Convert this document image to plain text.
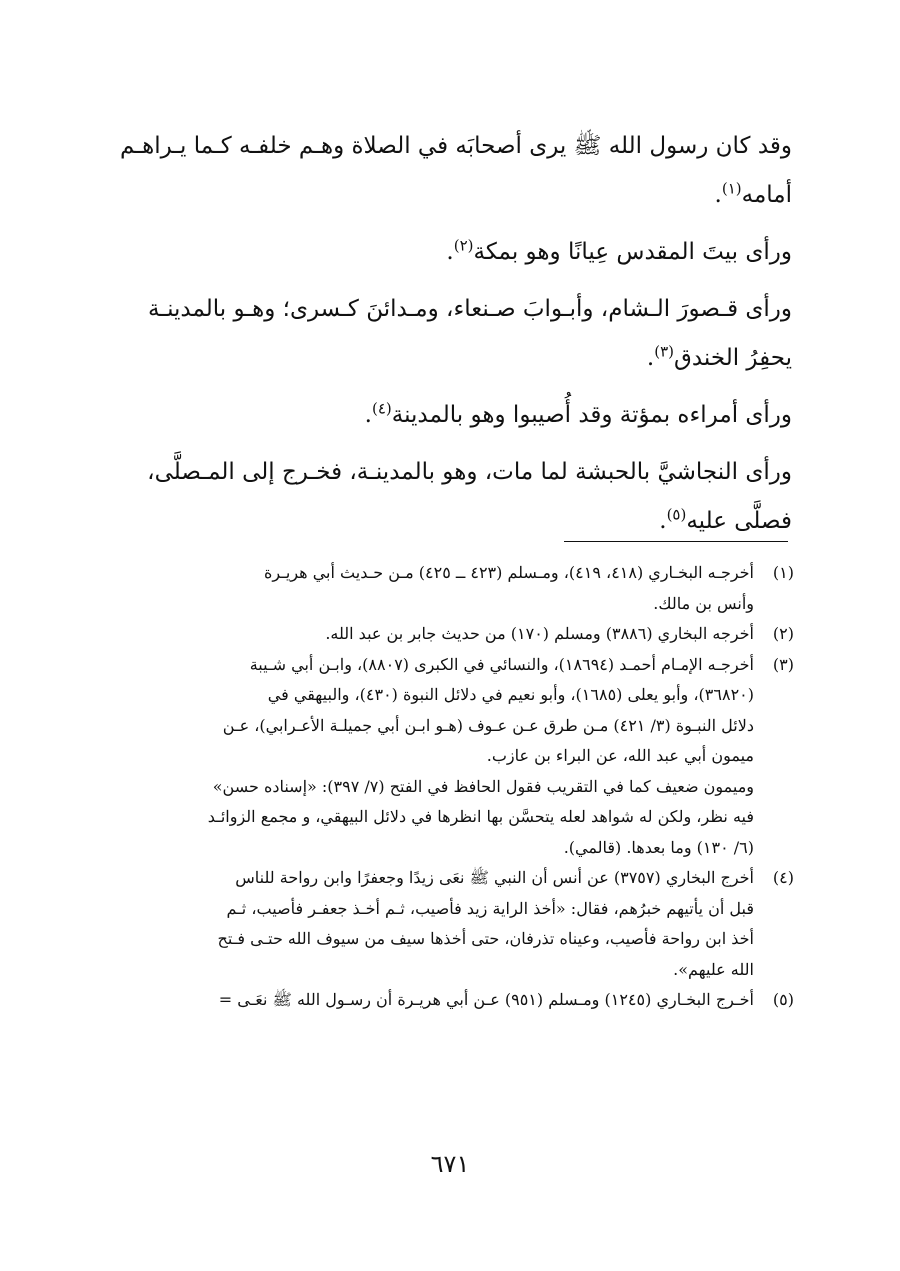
وقد كان رسول الله ﷺ يرى أصحابَه في الصلاة وهـم خلفـه كـما يـراهـم
أمامه$^{(١)}$.

ورأى بيتَ المقدس عِيانًا وهو بمكة$^{(٢)}$.

ورأى قـصورَ الـشام، وأبـوابَ صـنعاء، ومـدائنَ كـسرى؛ وهـو بالمدينـة
يحفِرُ الخندق$^{(٣)}$.

ورأى أمراءه بمؤتة وقد أُصيبوا وهو بالمدينة$^{(٤)}$.

ورأى النجاشيَّ بالحبشة لما مات، وهو بالمدينـة، فخـرج إلى المـصلَّى،
فصلَّى عليه$^{(٥)}$.

(١)
أخرجـه البخـاري (٤١٨، ٤١٩)، ومـسلم (٤٢٣ ــ ٤٢٥) مـن حـديث أبي هريـرة
وأنس بن مالك.
(٢)
أخرجه البخاري (٣٨٨٦) ومسلم (١٧٠) من حديث جابر بن عبد الله.
(٣)
أخرجـه الإمـام أحمـد (١٨٦٩٤)، والنسائي في الكبرى (٨٨٠٧)، وابـن أبي شـيبة
(٣٦٨٢٠)، وأبو يعلى (١٦٨٥)، وأبو نعيم في دلائل النبوة (٤٣٠)، والبيهقي في
دلائل النبـوة (٣/ ٤٢١) مـن طرق عـن عـوف (هـو ابـن أبي جميلـة الأعـرابي)، عـن
ميمون أبي عبد الله، عن البراء بن عازب.
وميمون ضعيف كما في التقريب فقول الحافظ في الفتح (٧/ ٣٩٧): «إسناده حسن»
فيه نظر، ولكن له شواهد لعله يتحسَّن بها انظرها في دلائل البيهقي، و مجمع الزوائـد
(٦/ ١٣٠) وما بعدها. (قالمي).
(٤)
أخرج البخاري (٣٧٥٧) عن أنس أن النبي ﷺ نعَى زيدًا وجعفرًا وابن رواحة للناس
قبل أن يأتيهم خبرُهم، فقال: «أخذ الراية زيد فأصيب، ثـم أخـذ جعفـر فأصيب، ثـم
أخذ ابن رواحة فأصيب، وعيناه تذرفان، حتى أخذها سيف من سيوف الله حتـى فـتح
الله عليهم».
(٥)
أخـرج البخـاري (١٢٤٥) ومـسلم (٩٥١) عـن أبي هريـرة أن رسـول الله ﷺ نعَـى =
٦٧١
